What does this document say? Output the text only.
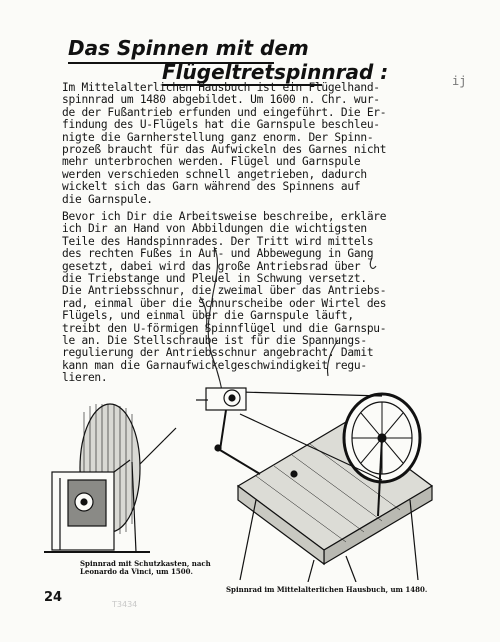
Das Spinnen mit dem
Flügeltretspinnrad :	ij
Im Mittelalterlichen Hausbuch ist ein Flügelhand-
spinnrad um 1480 abgebildet. Um 1600 n. Chr. wur-
de der Fußantrieb erfunden und eingeführt. Die Er-
findung des U-Flügels hat die Garnspule beschleu-
nigte die Garnherstellung ganz enorm. Der Spinn-
prozeß braucht für das Aufwickeln des Garnes nicht
mehr unterbrochen werden. Flügel und Garnspule
werden verschieden schnell angetrieben, dadurch
wickelt sich das Garn während des Spinnens auf
die Garnspule.
Bevor ich Dir die Arbeitsweise beschreibe, erkläre
ich Dir an Hand von Abbildungen die wichtigsten
Teile des Handspinnrades. Der Tritt wird mittels
des rechten Fußes in Auf- und Abbewegung in Gang
gesetzt, dabei wird das große Antriebsrad über
die Triebstange und Pleuel in Schwung versetzt.
Die Antriebsschnur, die zweimal über das Antriebs-
rad, einmal über die Schnurscheibe oder Wirtel des
Flügels, und einmal über die Garnspule läuft,
treibt den U-förmigen Spinnflügel und die Garnspu-
le an. Die Stellschraube ist für die Spannungs-
regulierung der Antriebsschnur angebracht. Damit
kann man die Garnaufwickelgeschwindigkeit regu-
lieren.
Spinnrad mit Schutzkasten, nach
Leonardo da Vinci, um 1500.
Spinnrad im Mittelalterlichen Hausbuch, um 1480.
24	T3434
